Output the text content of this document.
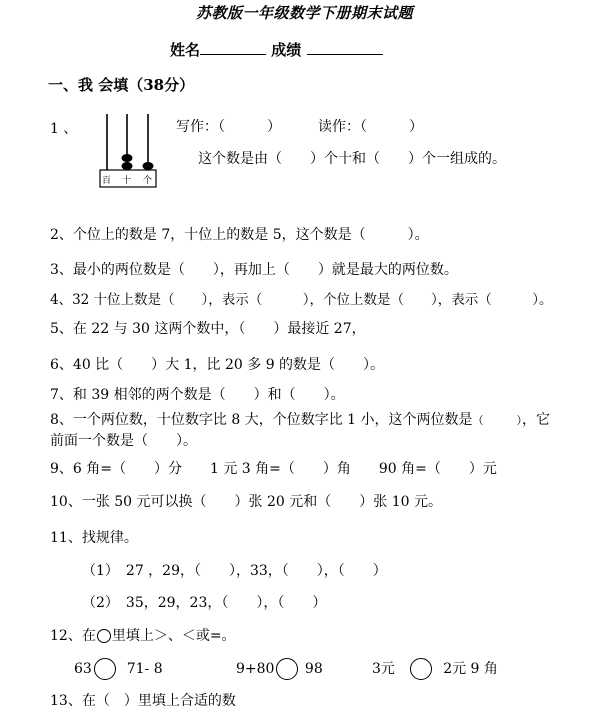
苏教版一年级数学下册期末试题
姓名	成绩
一、我 会填（38分）
1 、
百 十 个
写作：（　　　）	读作：（　　　）
这个数是由（　　）个十和（　　）个一组成的。
2、个位上的数是 7，十位上的数是 5，这个数是（　　　）。
3、最小的两位数是（　　），再加上（　　）就是最大的两位数。
4、32 十位上数是（　　），表示（　　　），个位上数是（　　），表示（　　　）。
5、在 22 与 30 这两个数中，（　　）最接近 27，
6、40 比（　　）大 1，比 20 多 9 的数是（　　）。
7、和 39 相邻的两个数是（　　）和（　　）。
8、一个两位数，十位数字比 8 大，个位数字比 1 小，这个两位数是（　　　），它
前面一个数是（　　）。
9、6 角=（　　）分　　1 元 3 角=（　　）角　　90 角=（　　）元
10、一张 50 元可以换（　　）张 20 元和（　　）张 10 元。
11、找规律。
（1）　27 ，29，（　　），33，（　　），（　　）
（2）　35，29，23，（　　），（　　）
12、在 里填上＞、＜或=。
63 71- 8	9+80 98	3元	2元 9 角
13、在（　）里填上合适的数
